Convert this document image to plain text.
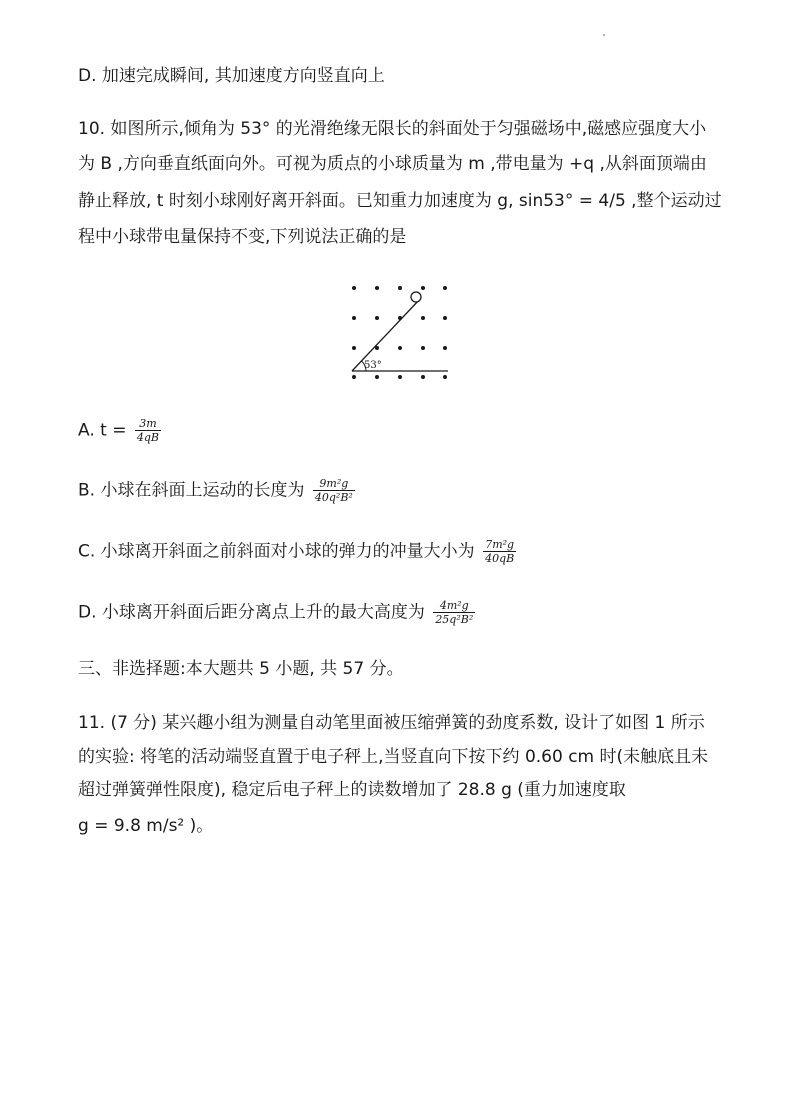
D. 加速完成瞬间, 其加速度方向竖直向上

10. 如图所示,倾角为 53° 的光滑绝缘无限长的斜面处于匀强磁场中,磁感应强度大小

为 B ,方向垂直纸面向外。可视为质点的小球质量为 m ,带电量为 +q ,从斜面顶端由

静止释放, t 时刻小球刚好离开斜面。已知重力加速度为 g, sin53° = 4/5 ,整个运动过

程中小球带电量保持不变,下列说法正确的是

53°

A. $t = \frac{3m}{4qB}$

B. 小球在斜面上运动的长度为 $\frac{\text{9m²g}}{\text{40q²B²}}$

C. 小球离开斜面之前斜面对小球的弹力的冲量大小为 $\frac{\text{7m²g}}{40qB}$

D. 小球离开斜面后距分离点上升的最大高度为 $\frac{\text{4m²g}}{\text{25q²B²}}$

三、非选择题:本大题共 5 小题, 共 57 分。

11. (7 分) 某兴趣小组为测量自动笔里面被压缩弹簧的劲度系数, 设计了如图 1 所示

的实验: 将笔的活动端竖直置于电子秤上,当竖直向下按下约 0.60 cm 时(未触底且未

超过弹簧弹性限度), 稳定后电子秤上的读数增加了 28.8 g (重力加速度取

g = 9.8 m/s² )。
